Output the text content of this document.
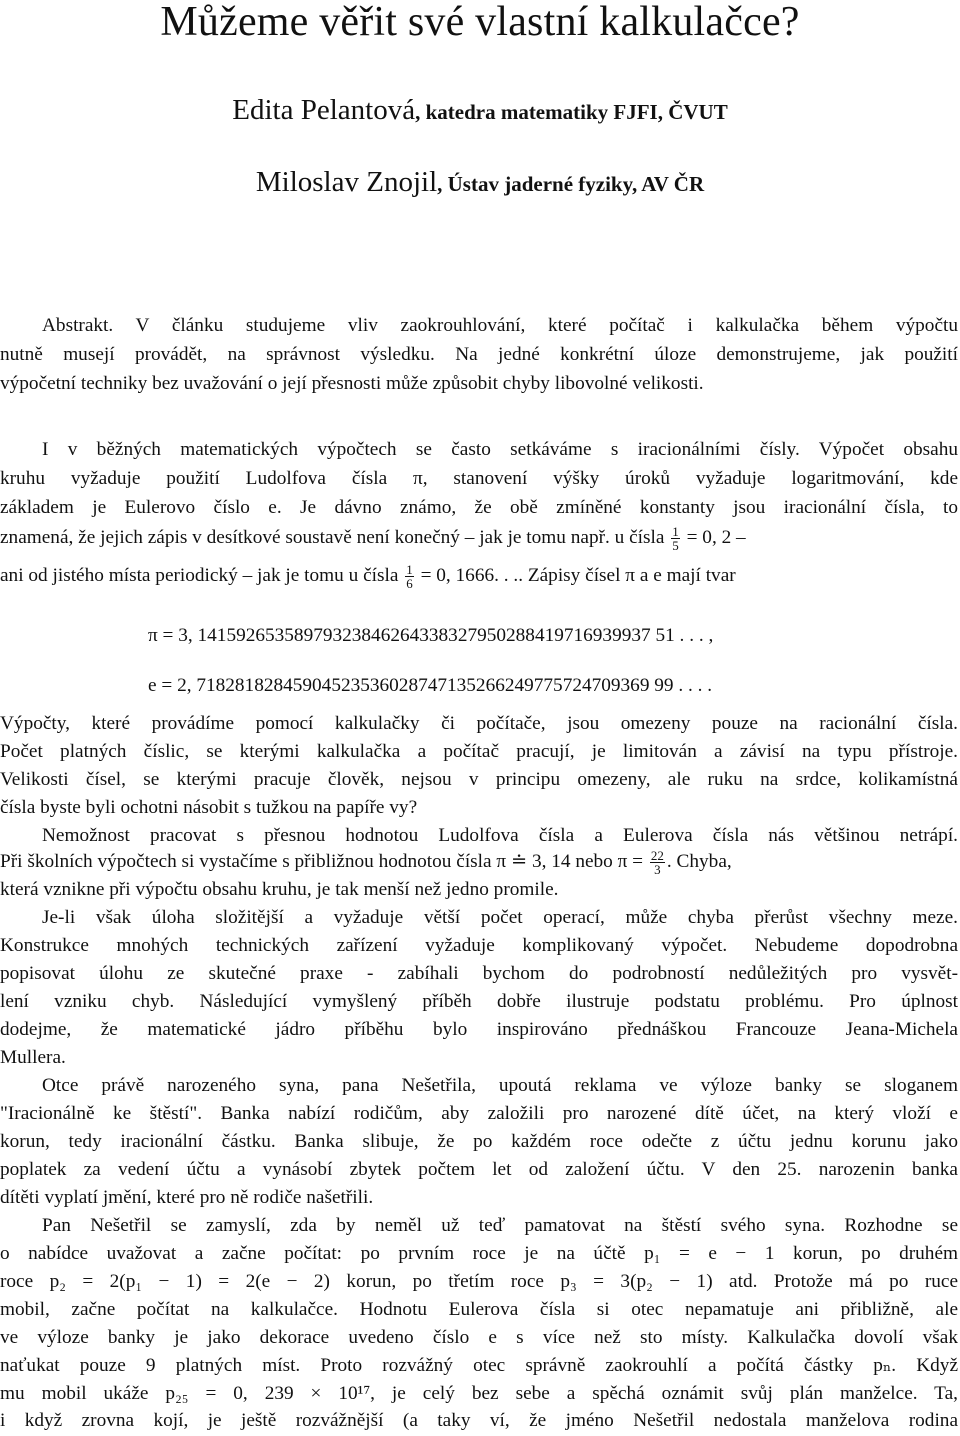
Můžeme věřit své vlastní kalkulačce?
Edita Pelantová, katedra matematiky FJFI, ČVUT
Miloslav Znojil, Ústav jaderné fyziky, AV ČR
Abstrakt. V článku studujeme vliv zaokrouhlování, které počítač i kalkulačka během výpočtu
nutně musejí provádět, na správnost výsledku. Na jedné konkrétní úloze demonstrujeme, jak použití
výpočetní techniky bez uvažování o její přesnosti může způsobit chyby libovolné velikosti.
I v běžných matematických výpočtech se často setkáváme s iracionálními čísly. Výpočet obsahu
kruhu vyžaduje použití Ludolfova čísla π, stanovení výšky úroků vyžaduje logaritmování, kde
základem je Eulerovo číslo e. Je dávno známo, že obě zmíněné konstanty jsou iracionální čísla, to
znamená, že jejich zápis v desítkové soustavě není konečný – jak je tomu např. u čísla $\frac{1}{5} = 0$, 2 –
ani od jistého místa periodický – jak je tomu u čísla $\frac{1}{6} = 0$, 1666. . .. Zápisy čísel π a e mají tvar
π = 3, 14159265358979323846264338327950288419716939937 51 . . . ,
e = 2, 71828182845904523536028747135266249775724709369 99 . . . .
Výpočty, které provádíme pomocí kalkulačky či počítače, jsou omezeny pouze na racionální čísla.
Počet platných číslic, se kterými kalkulačka a počítač pracují, je limitován a závisí na typu přístroje.
Velikosti čísel, se kterými pracuje člověk, nejsou v principu omezeny, ale ruku na srdce, kolikamístná
čísla byste byli ochotni násobit s tužkou na papíře vy?
Nemožnost pracovat s přesnou hodnotou Ludolfova čísla a Eulerova čísla nás většinou netrápí.
Při školních výpočtech si vystačíme s přibližnou hodnotou čísla π ≐ 3, 14 nebo $\pi = \frac{22}{3}$ . Chyba,
která vznikne při výpočtu obsahu kruhu, je tak menší než jedno promile.
Je-li však úloha složitější a vyžaduje větší počet operací, může chyba přerůst všechny meze.
Konstrukce mnohých technických zařízení vyžaduje komplikovaný výpočet. Nebudeme dopodrobna
popisovat úlohu ze skutečné praxe - zabíhali bychom do podrobností nedůležitých pro vysvět-
lení vzniku chyb. Následující vymyšlený příběh dobře ilustruje podstatu problému. Pro úplnost
dodejme, že matematické jádro příběhu bylo inspirováno přednáškou Francouze Jeana-Michela
Mullera.
Otce právě narozeného syna, pana Nešetřila, upoutá reklama ve výloze banky se sloganem
"Iracionálně ke štěstí". Banka nabízí rodičům, aby založili pro narozené dítě účet, na který vloží e
korun, tedy iracionální částku. Banka slibuje, že po každém roce odečte z účtu jednu korunu jako
poplatek za vedení účtu a vynásobí zbytek počtem let od založení účtu. V den 25. narozenin banka
dítěti vyplatí jmění, které pro ně rodiče našetřili.
Pan Nešetřil se zamyslí, zda by neměl už teď pamatovat na štěstí svého syna. Rozhodne se
o nabídce uvažovat a začne počítat: po prvním roce je na účtě p₁ = e − 1 korun, po druhém
roce p₂ = 2(p₁ − 1) = 2(e − 2) korun, po třetím roce p₃ = 3(p₂ − 1) atd. Protože má po ruce
mobil, začne počítat na kalkulačce. Hodnotu Eulerova čísla si otec nepamatuje ani přibližně, ale
ve výloze banky je jako dekorace uvedeno číslo e s více než sto místy. Kalkulačka dovolí však
naťukat pouze 9 platných míst. Proto rozvážný otec správně zaokrouhlí a počítá částky pₙ. Když
mu mobil ukáže p₂₅ = 0, 239 × 10¹⁷, je celý bez sebe a spěchá oznámit svůj plán manželce. Ta,
i když zrovna kojí, je ještě rozvážnější (a taky ví, že jméno Nešetřil nedostala manželova rodina
